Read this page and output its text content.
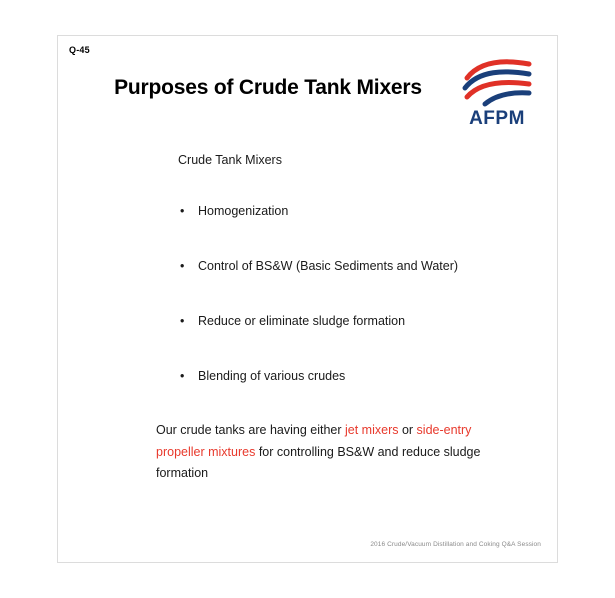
Q-45
Purposes of Crude Tank Mixers
AFPM
Crude Tank Mixers
• Homogenization
• Control of BS&W (Basic Sediments and Water)
• Reduce or eliminate sludge formation
• Blending of various crudes
Our crude tanks are having either jet mixers or side-entry propeller mixtures for controlling BS&W and reduce sludge formation
2016 Crude/Vacuum Distillation and Coking Q&A Session
